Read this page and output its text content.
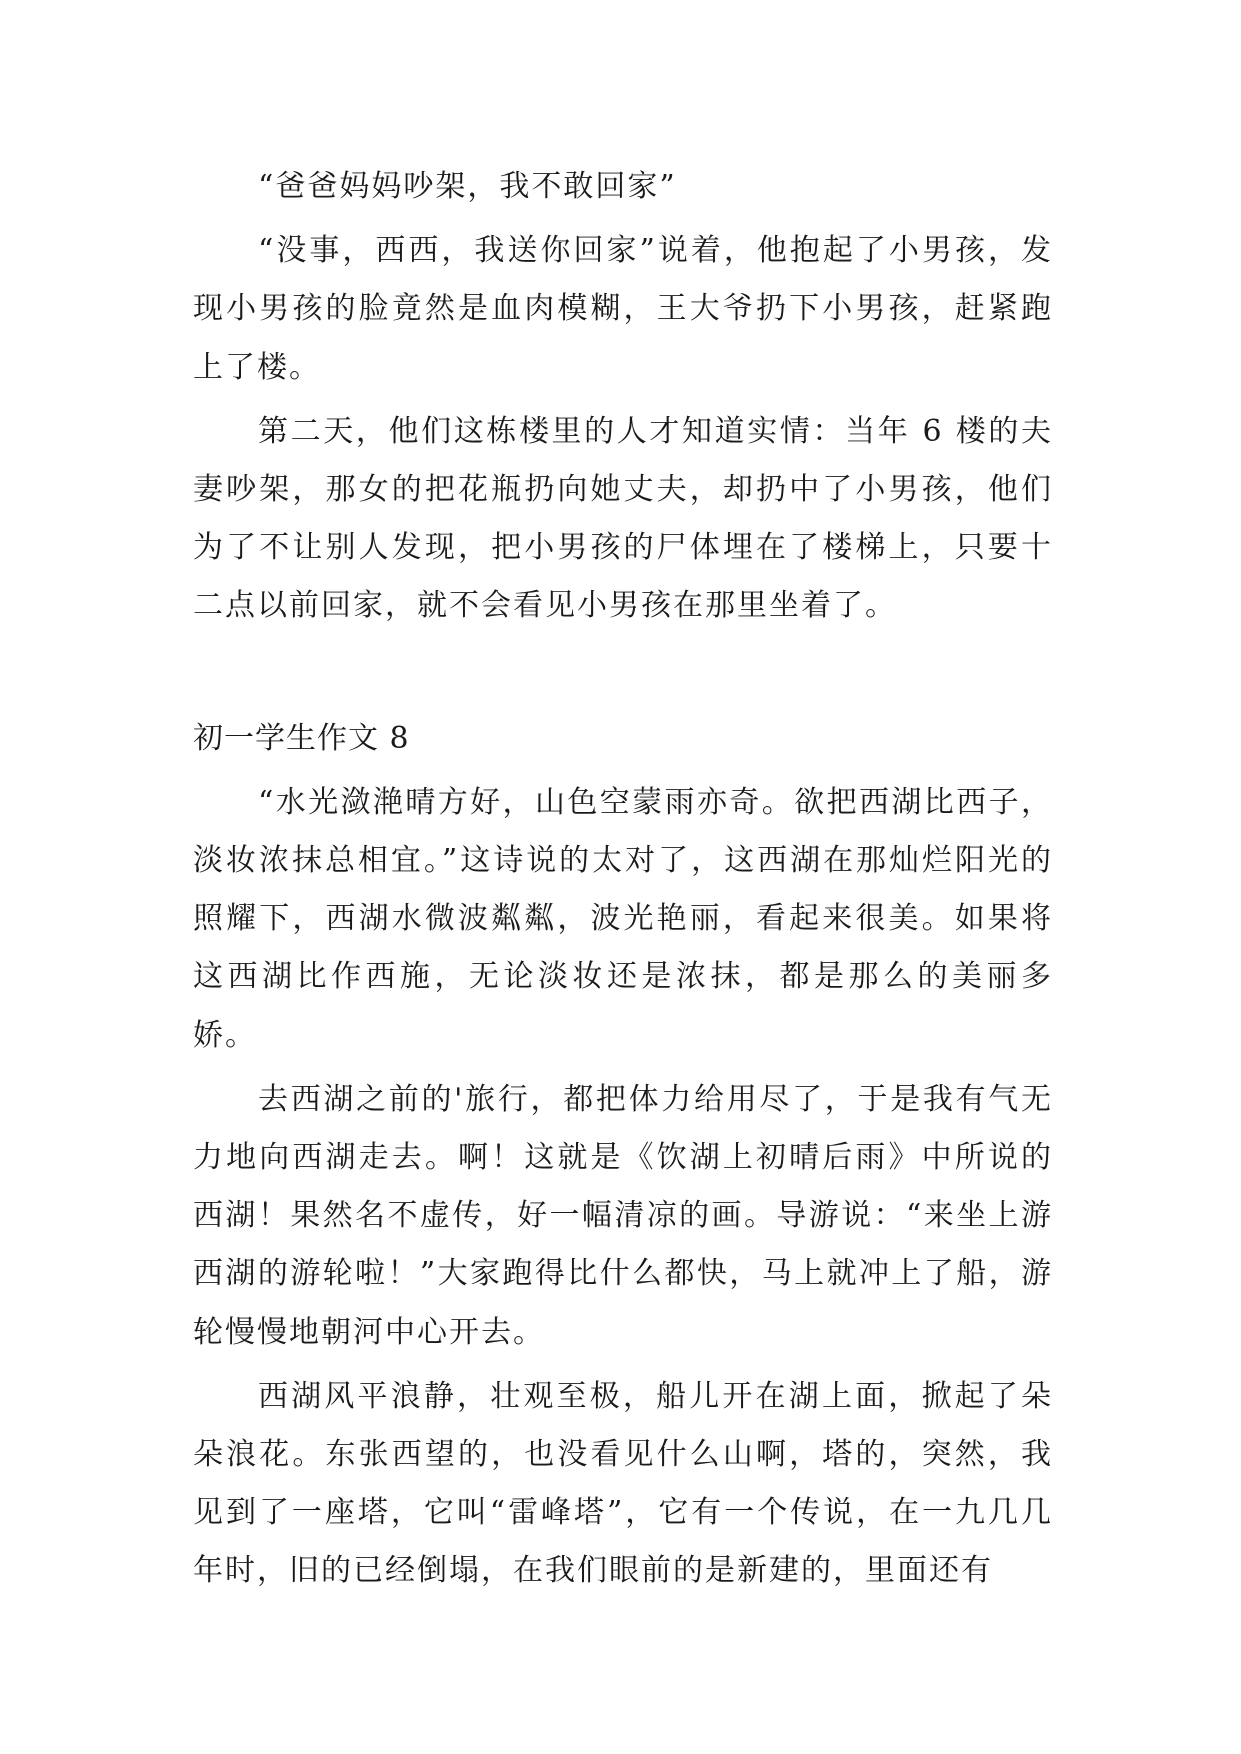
“爸爸妈妈吵架，我不敢回家”

“没事，西西，我送你回家”说着，他抱起了小男孩，发现小男孩的脸竟然是血肉模糊，王大爷扔下小男孩，赶紧跑上了楼。

第二天，他们这栋楼里的人才知道实情：当年 6 楼的夫妻吵架，那女的把花瓶扔向她丈夫，却扔中了小男孩，他们为了不让别人发现，把小男孩的尸体埋在了楼梯上，只要十二点以前回家，就不会看见小男孩在那里坐着了。

初一学生作文 8

“水光潋滟晴方好，山色空蒙雨亦奇。欲把西湖比西子，淡妆浓抹总相宜。”这诗说的太对了，这西湖在那灿烂阳光的照耀下，西湖水微波粼粼，波光艳丽，看起来很美。如果将这西湖比作西施，无论淡妆还是浓抹，都是那么的美丽多娇。

去西湖之前的'旅行，都把体力给用尽了，于是我有气无力地向西湖走去。啊！这就是《饮湖上初晴后雨》中所说的西湖！果然名不虚传，好一幅清凉的画。导游说：“来坐上游西湖的游轮啦！”大家跑得比什么都快，马上就冲上了船，游轮慢慢地朝河中心开去。

西湖风平浪静，壮观至极，船儿开在湖上面，掀起了朵朵浪花。东张西望的，也没看见什么山啊，塔的，突然，我见到了一座塔，它叫“雷峰塔”，它有一个传说，在一九几几年时，旧的已经倒塌，在我们眼前的是新建的，里面还有
